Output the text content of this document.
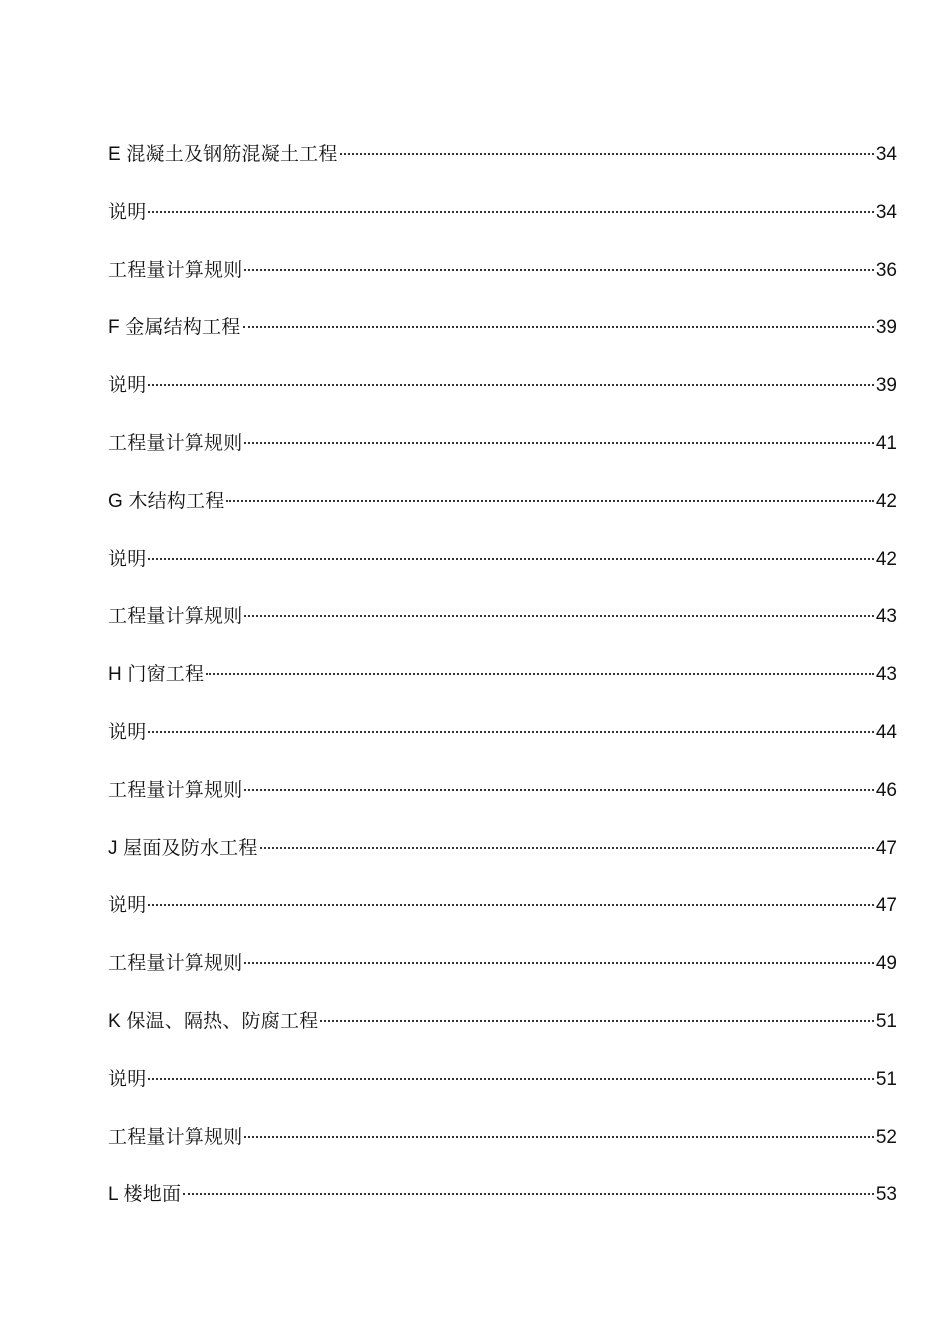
E 混凝土及钢筋混凝土工程	34
说明	34
工程量计算规则	36
F 金属结构工程	39
说明	39
工程量计算规则	41
G 木结构工程	42
说明	42
工程量计算规则	43
H 门窗工程	43
说明	44
工程量计算规则	46
J 屋面及防水工程	47
说明	47
工程量计算规则	49
K 保温、隔热、防腐工程	51
说明	51
工程量计算规则	52
L 楼地面	53
